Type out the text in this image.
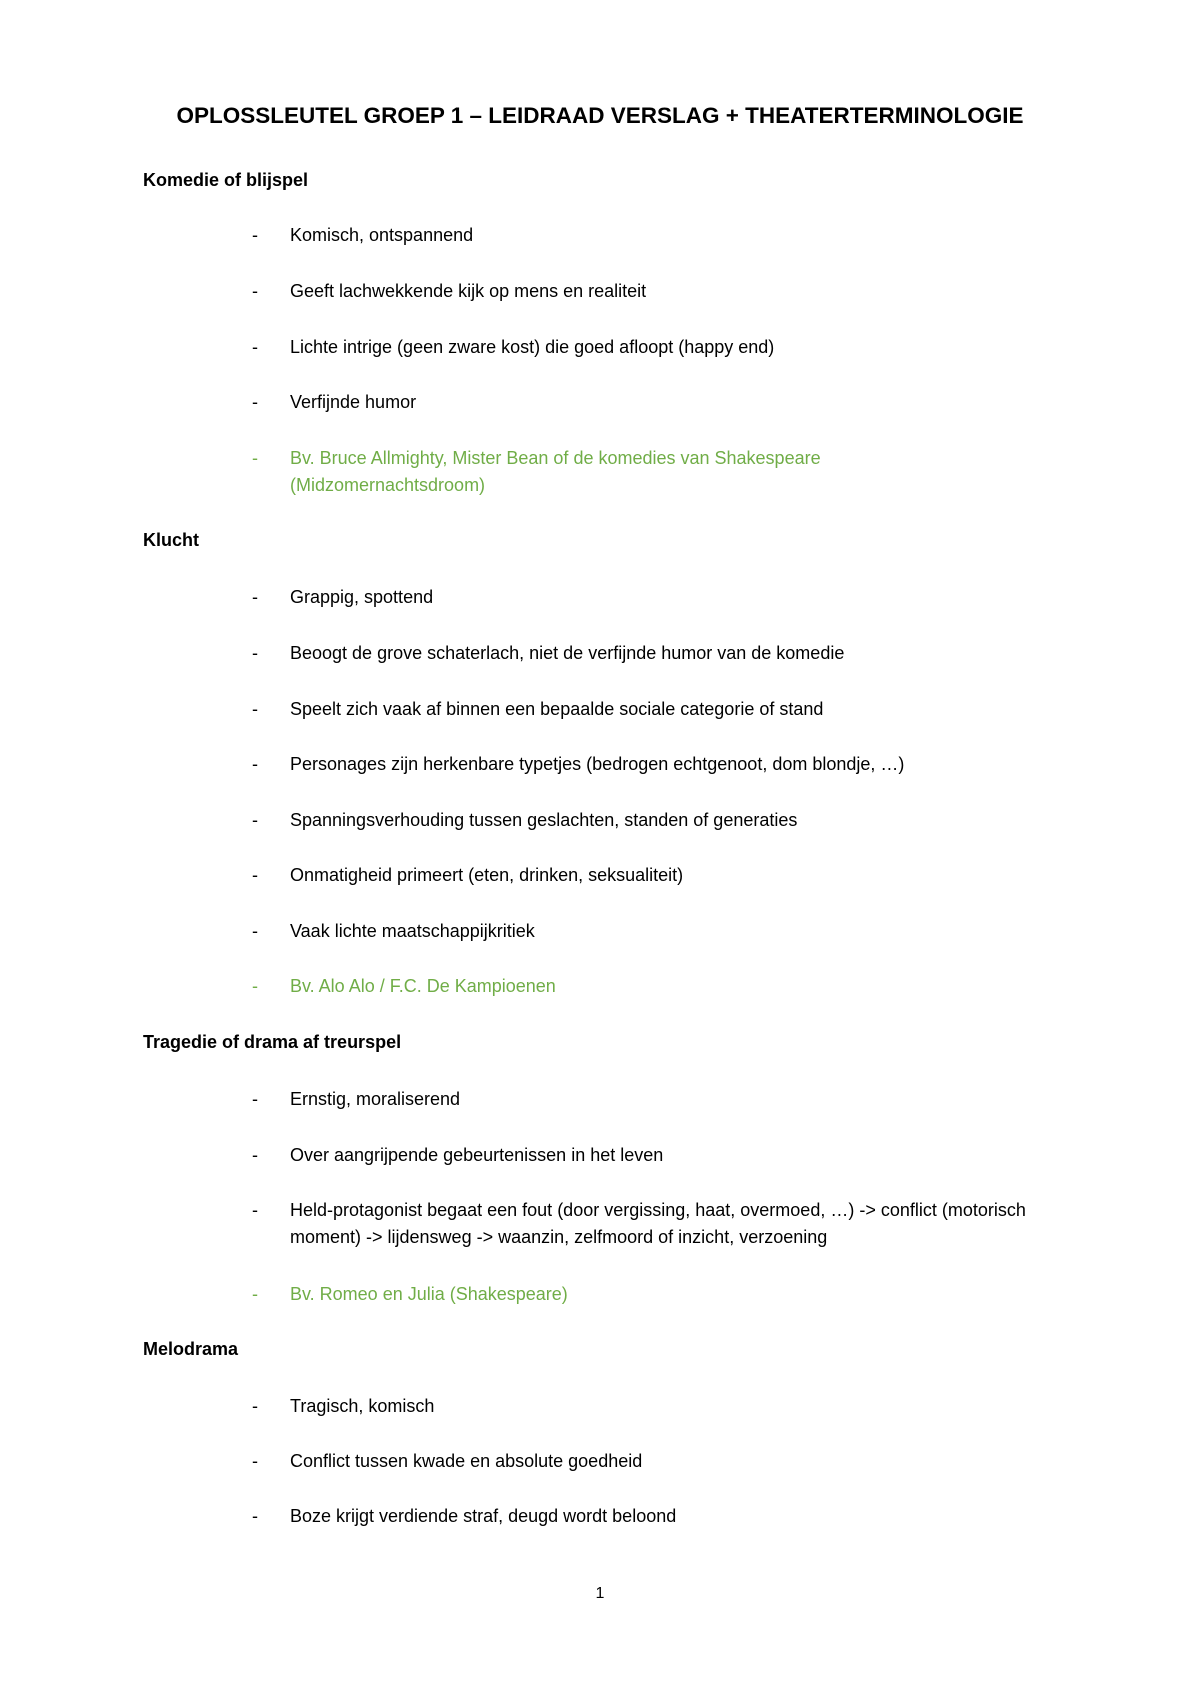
OPLOSSLEUTEL GROEP 1 – LEIDRAAD VERSLAG + THEATERTERMINOLOGIE
Komedie of blijspel
-	Komisch, ontspannend
-	Geeft lachwekkende kijk op mens en realiteit
-	Lichte intrige (geen zware kost) die goed afloopt (happy end)
-	Verfijnde humor
-	Bv. Bruce Allmighty, Mister Bean of de komedies van Shakespeare (Midzomernachtsdroom)
Klucht
-	Grappig, spottend
-	Beoogt de grove schaterlach, niet de verfijnde humor van de komedie
-	Speelt zich vaak af binnen een bepaalde sociale categorie of stand
-	Personages zijn herkenbare typetjes (bedrogen echtgenoot, dom blondje, …)
-	Spanningsverhouding tussen geslachten, standen of generaties
-	Onmatigheid primeert (eten, drinken, seksualiteit)
-	Vaak lichte maatschappijkritiek
-	Bv. Alo Alo / F.C. De Kampioenen
Tragedie of drama af treurspel
-	Ernstig, moraliserend
-	Over aangrijpende gebeurtenissen in het leven
-	Held-protagonist begaat een fout (door vergissing, haat, overmoed, …) -> conflict (motorisch moment) -> lijdensweg -> waanzin, zelfmoord of inzicht, verzoening
-	Bv. Romeo en Julia (Shakespeare)
Melodrama
-	Tragisch, komisch
-	Conflict tussen kwade en absolute goedheid
-	Boze krijgt verdiende straf, deugd wordt beloond
1
